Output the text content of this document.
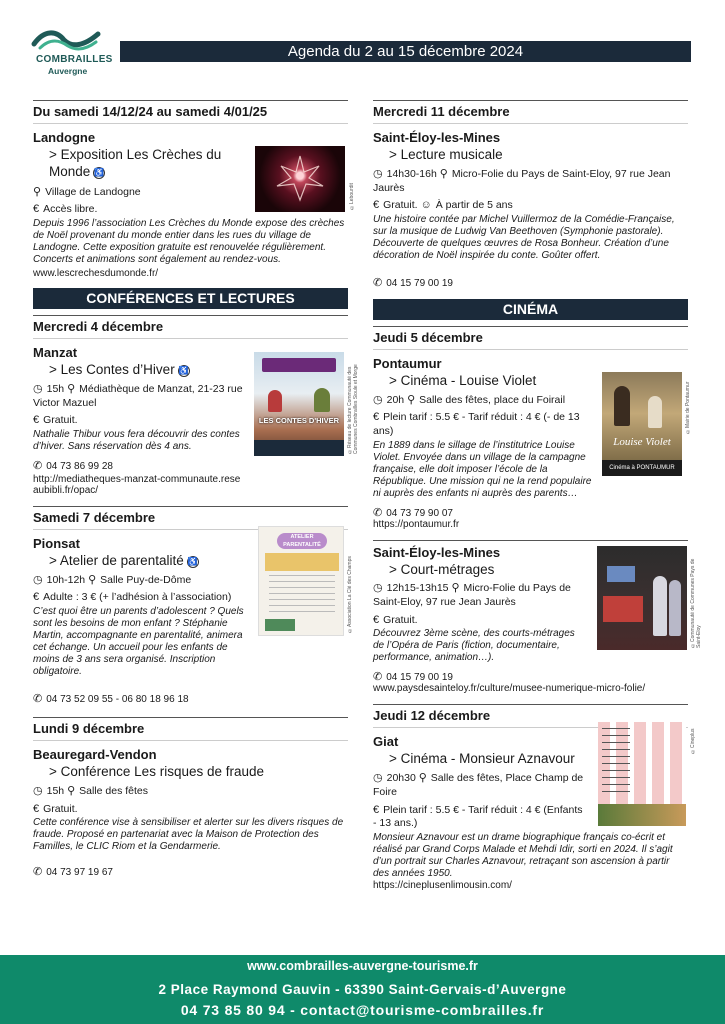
COMBRAILLES
Auvergne
Agenda du 2 au 15 décembre 2024
Du samedi 14/12/24 au samedi 4/01/25
Landogne
> Exposition Les Crèches du Monde ♿
⚲ Village de Landogne
€ Accès libre.
Depuis 1996 l’association Les Crèches du Monde expose des crèches de Noël provenant du monde entier dans les rues du village de Landogne. Cette exposition gratuite est renouvelée régulièrement. Concerts et animations sont également au rendez-vous.
www.lescrechesdumonde.fr/
CONFÉRENCES ET LECTURES
Mercredi 4 décembre
Manzat
> Les Contes d’Hiver ♿
◷ 15h ⚲ Médiathèque de Manzat, 21-23 rue Victor Mazuel
€ Gratuit.
Nathalie Thibur vous fera découvrir des contes d’hiver. Sans réservation dès 4 ans.
✆ 04 73 86 99 28
http://mediatheques-manzat-communaute.reseaubibli.fr/opac/
Samedi 7 décembre
Pionsat
> Atelier de parentalité ♿
◷ 10h-12h ⚲ Salle Puy-de-Dôme
€ Adulte : 3 € (+ l’adhésion à l’association)
C’est quoi être un parents d’adolescent ? Quels sont les besoins de mon enfant ? Stéphanie Martin, accompagnante en parentalité, animera cet échange. Un accueil pour les enfants de moins de 3 ans sera organisé. Inscription obligatoire.
✆ 04 73 52 09 55 - 06 80 18 96 18
Lundi 9 décembre
Beauregard-Vendon
> Conférence Les risques de fraude
◷ 15h ⚲ Salle des fêtes
€ Gratuit.
Cette conférence vise à sensibiliser et alerter sur les divers risques de fraude. Proposé en partenariat avec la Maison de Protection des Familles, le CLIC Riom et la Gendarmerie.
✆ 04 73 97 19 67
©Lebourdit
LES CONTES D'HIVER	©Réseau de lecture Communauté des Communes Combrailles Sioule et Morge
ATELIER PARENTALITÉ
©Association La Clé des Champs
Mercredi 11 décembre
Saint-Éloy-les-Mines
> Lecture musicale
◷ 14h30-16h ⚲ Micro-Folie du Pays de Saint-Eloy, 97 rue Jean Jaurès
€ Gratuit. ☺ À partir de 5 ans
Une histoire contée par Michel Vuillermoz de la Comédie-Française, sur la musique de Ludwig Van Beethoven (Symphonie pastorale). Découverte de quelques œuvres de Rosa Bonheur. Création d’une décoration de Noël inspirée du conte. Goûter offert.
✆ 04 15 79 00 19
CINÉMA
Jeudi 5 décembre
Pontaumur
> Cinéma - Louise Violet
◷ 20h ⚲ Salle des fêtes, place du Foirail
€ Plein tarif : 5.5 € - Tarif réduit : 4 € (- de 13 ans)
En 1889 dans le sillage de l’institutrice Louise Violet. Envoyée dans un village de la campagne française, elle doit imposer l’école de la République. Une mission qui ne la rend populaire ni auprès des enfants ni auprès des parents…
✆ 04 73 79 90 07
https://pontaumur.fr
Saint-Éloy-les-Mines
> Court-métrages
◷ 12h15-13h15 ⚲ Micro-Folie du Pays de Saint-Eloy, 97 rue Jean Jaurès
€ Gratuit.
Découvrez 3ème scène, des courts-métrages de l’Opéra de Paris (fiction, documentaire, performance, animation…).
✆ 04 15 79 00 19
www.paysdesainteloy.fr/culture/musee-numerique-micro-folie/
Jeudi 12 décembre
Giat
> Cinéma - Monsieur Aznavour
◷ 20h30 ⚲ Salle des fêtes, Place Champ de Foire
€ Plein tarif : 5.5 € - Tarif réduit : 4 € (Enfants - 13 ans.)
Monsieur Aznavour est un drame biographique français co-écrit et réalisé par Grand Corps Malade et Mehdi Idir, sorti en 2024. Il s’agit d’un portrait sur Charles Aznavour, retraçant son ascension à partir des années 1950.
https://cineplusenlimousin.com/
Louise Violet
Cinéma à PONTAUMUR
©Mairie de Pontaumur
©Communauté de Communes Pays de Saint-Eloy
©Cineplus
www.combrailles-auvergne-tourisme.fr
2 Place Raymond Gauvin - 63390 Saint-Gervais-d’Auvergne
04 73 85 80 94 - contact@tourisme-combrailles.fr
